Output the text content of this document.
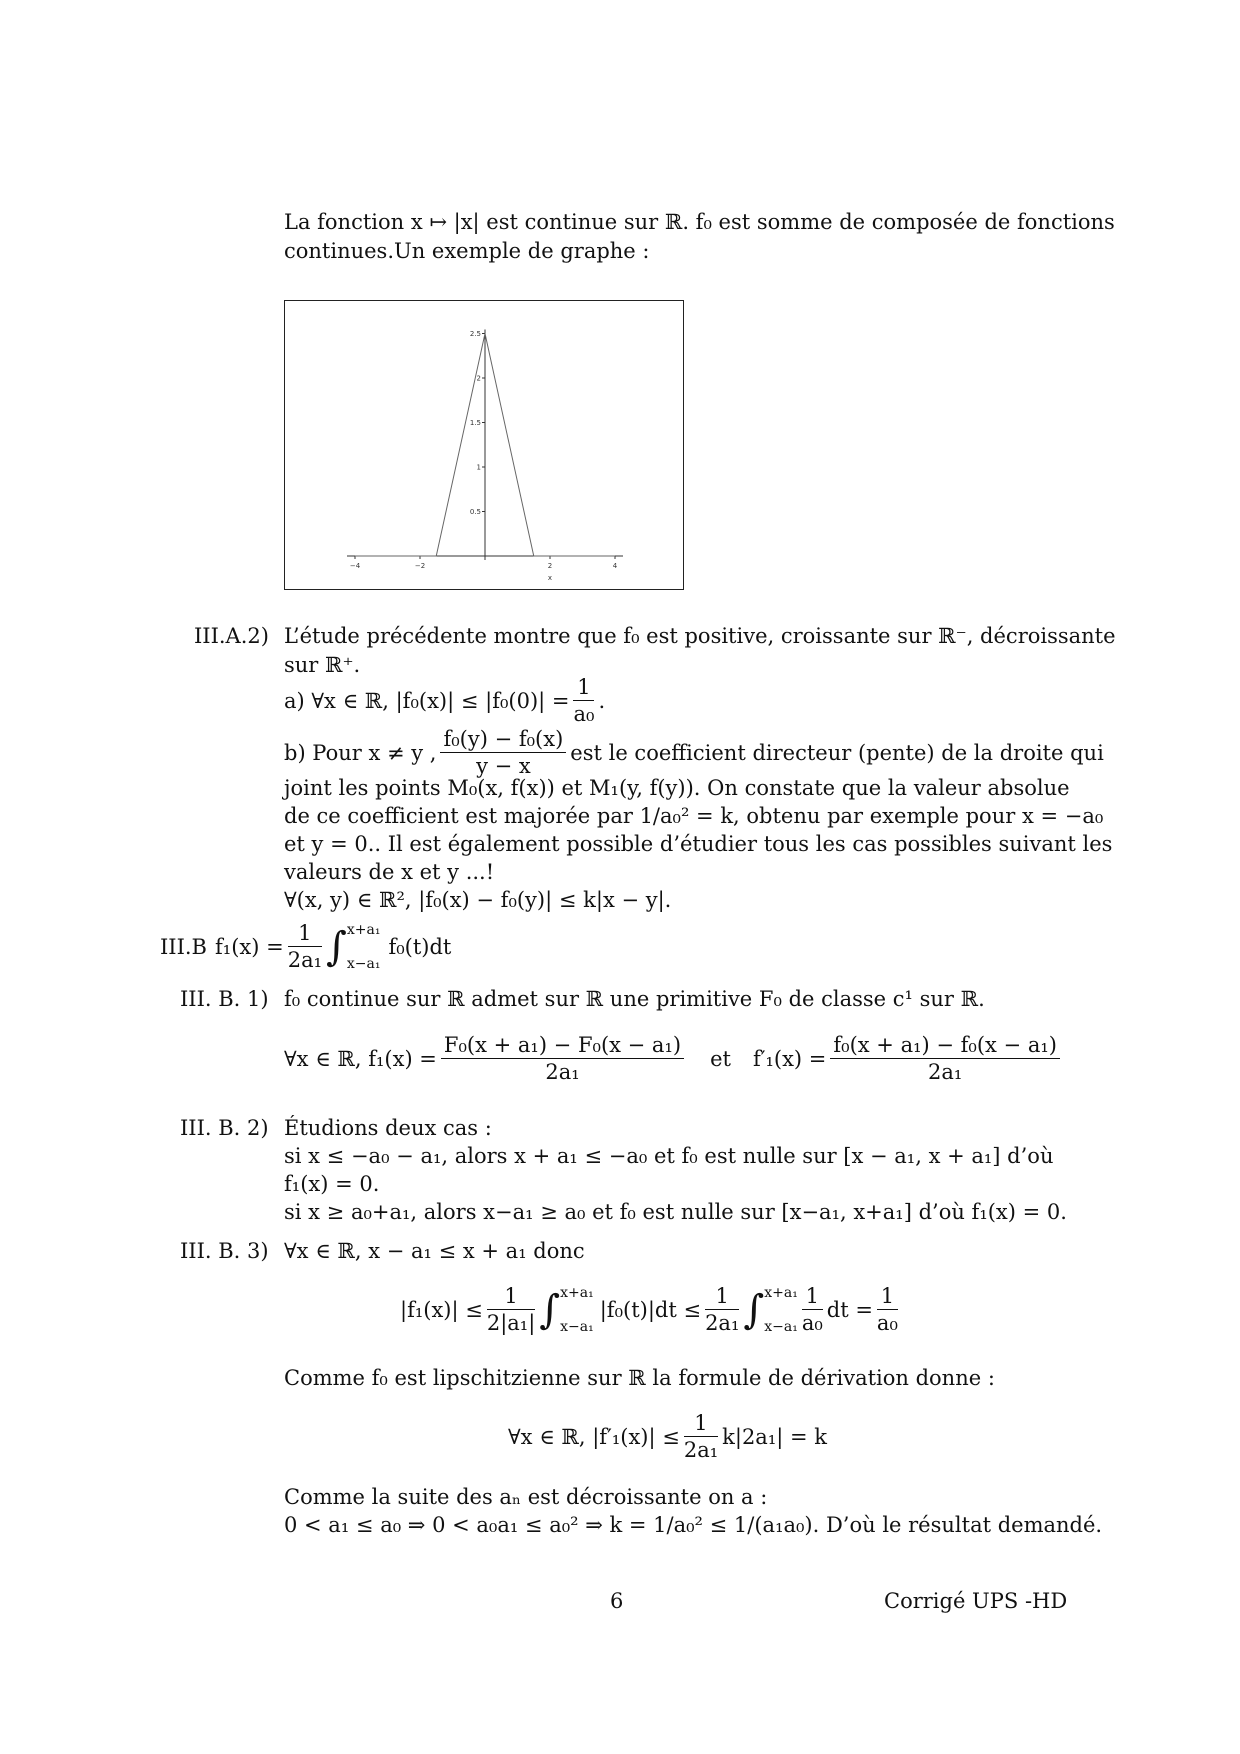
La fonction x ↦ |x| est continue sur ℝ. f₀ est somme de composée de fonctions
continues.Un exemple de graphe :
−4	−2	2	4
0.5
1
1.5
2
2.5
x
III.A.2) L’étude précédente montre que f₀ est positive, croissante sur ℝ⁻, décroissante
sur ℝ⁺.
a) ∀x ∈ ℝ, $|f_0(x)| \le |f_0(0)| = \frac{1}{\text{a₀}}$ .
b) Pour x ≠ y , $\frac{\text{f₀(y) − f₀(x)}}{y - x}$ est le coefficient directeur (pente) de la droite qui
joint les points M₀(x, f(x)) et M₁(y, f(y)). On constate que la valeur absolue
de ce coefficient est majorée par 1/a₀² = k, obtenu par exemple pour x = −a₀
et y = 0.. Il est également possible d’étudier tous les cas possibles suivant les
valeurs de x et y ...!
∀(x, y) ∈ ℝ², |f₀(x) − f₀(y)| ≤ k|x − y|.
III.B $f_1(x) = \frac{1}{\text{2a₁}}$ ∫ x+a₁
x−a₁
f₀(t)dt
III. B. 1) f₀ continue sur ℝ admet sur ℝ une primitive F₀ de classe c¹ sur ℝ.
∀x ∈ ℝ, $f_1(x) = \frac{\text{F₀(x + a₁) − F₀(x − a₁)}}{\text{2a₁}}$ et $f'_1(x) = \frac{\text{f₀(x + a₁) − f₀(x − a₁)}}{\text{2a₁}}$
III. B. 2) Étudions deux cas :
si x ≤ −a₀ − a₁, alors x + a₁ ≤ −a₀ et f₀ est nulle sur [x − a₁, x + a₁] d’où
f₁(x) = 0.
si x ≥ a₀+a₁, alors x−a₁ ≥ a₀ et f₀ est nulle sur [x−a₁, x+a₁] d’où f₁(x) = 0.
III. B. 3) ∀x ∈ ℝ, x − a₁ ≤ x + a₁ donc
$|f_1(x)| \le \frac{1}{\text{2|a₁|}}$ ∫ x+a₁
x−a₁
$|f_0(t)|dt \le \frac{1}{\text{2a₁}}$ ∫ x+a₁
$x-a_1 \frac{1}{\text{a₀}}$ dt = $\frac{1}{\text{a₀}}$
Comme f₀ est lipschitzienne sur ℝ la formule de dérivation donne :
∀x ∈ ℝ, $|f'_1(x)| \le \frac{1}{\text{2a₁}} k|2a_1| = k$
Comme la suite des aₙ est décroissante on a :
0 < a₁ ≤ a₀ ⇒ 0 < a₀a₁ ≤ a₀² ⇒ k = 1/a₀² ≤ 1/(a₁a₀). D’où le résultat demandé.
6	Corrigé UPS -HD
